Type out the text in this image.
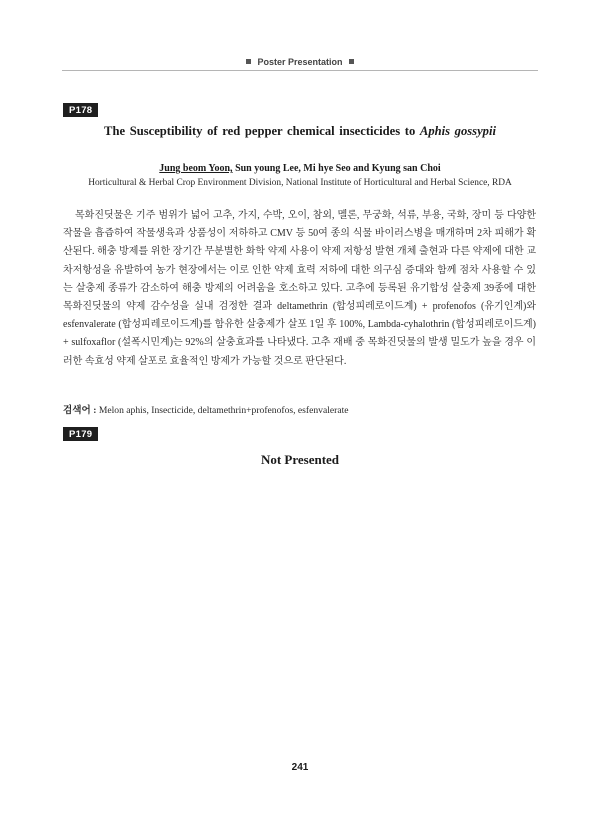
Poster Presentation
P178
The Susceptibility of red pepper chemical insecticides to Aphis gossypii
Jung beom Yoon, Sun young Lee, Mi hye Seo and Kyung san Choi
Horticultural & Herbal Crop Environment Division, National Institute of Horticultural and Herbal Science, RDA

목화진딧물은 기주 범위가 넓어 고추, 가지, 수박, 오이, 참외, 멜론, 무궁화, 석류, 부용, 국화, 장미 등 다양한 작물을 흡즙하여 작물생육과 상품성이 저하하고 CMV 등 50여 종의 식물 바이러스병을 매개하며 2차 피해가 확산된다. 해충 방제를 위한 장기간 무분별한 화학 약제 사용이 약제 저항성 발현 개체 출현과 다른 약제에 대한 교차저항성을 유발하여 농가 현장에서는 이로 인한 약제 효력 저하에 대한 의구심 증대와 함께 점차 사용할 수 있는 살충제 종류가 감소하여 해충 방제의 어려움을 호소하고 있다. 고추에 등록된 유기합성 살충제 39종에 대한 목화진딧물의 약제 감수성을 실내 검정한 결과 deltamethrin (합성피레로이드계) + profenofos (유기인계)와 esfenvalerate (합성피레로이드계)를 함유한 살충제가 살포 1일 후 100%, Lambda-cyhalothrin (합성피레로이드계) + sulfoxaflor (설폭시민계)는 92%의 살충효과를 나타냈다. 고추 재배 중 목화진딧물의 발생 밀도가 높을 경우 이러한 속효성 약제 살포로 효율적인 방제가 가능할 것으로 판단된다.

검색어 : Melon aphis, Insecticide, deltamethrin+profenofos, esfenvalerate
P179
Not Presented
241
